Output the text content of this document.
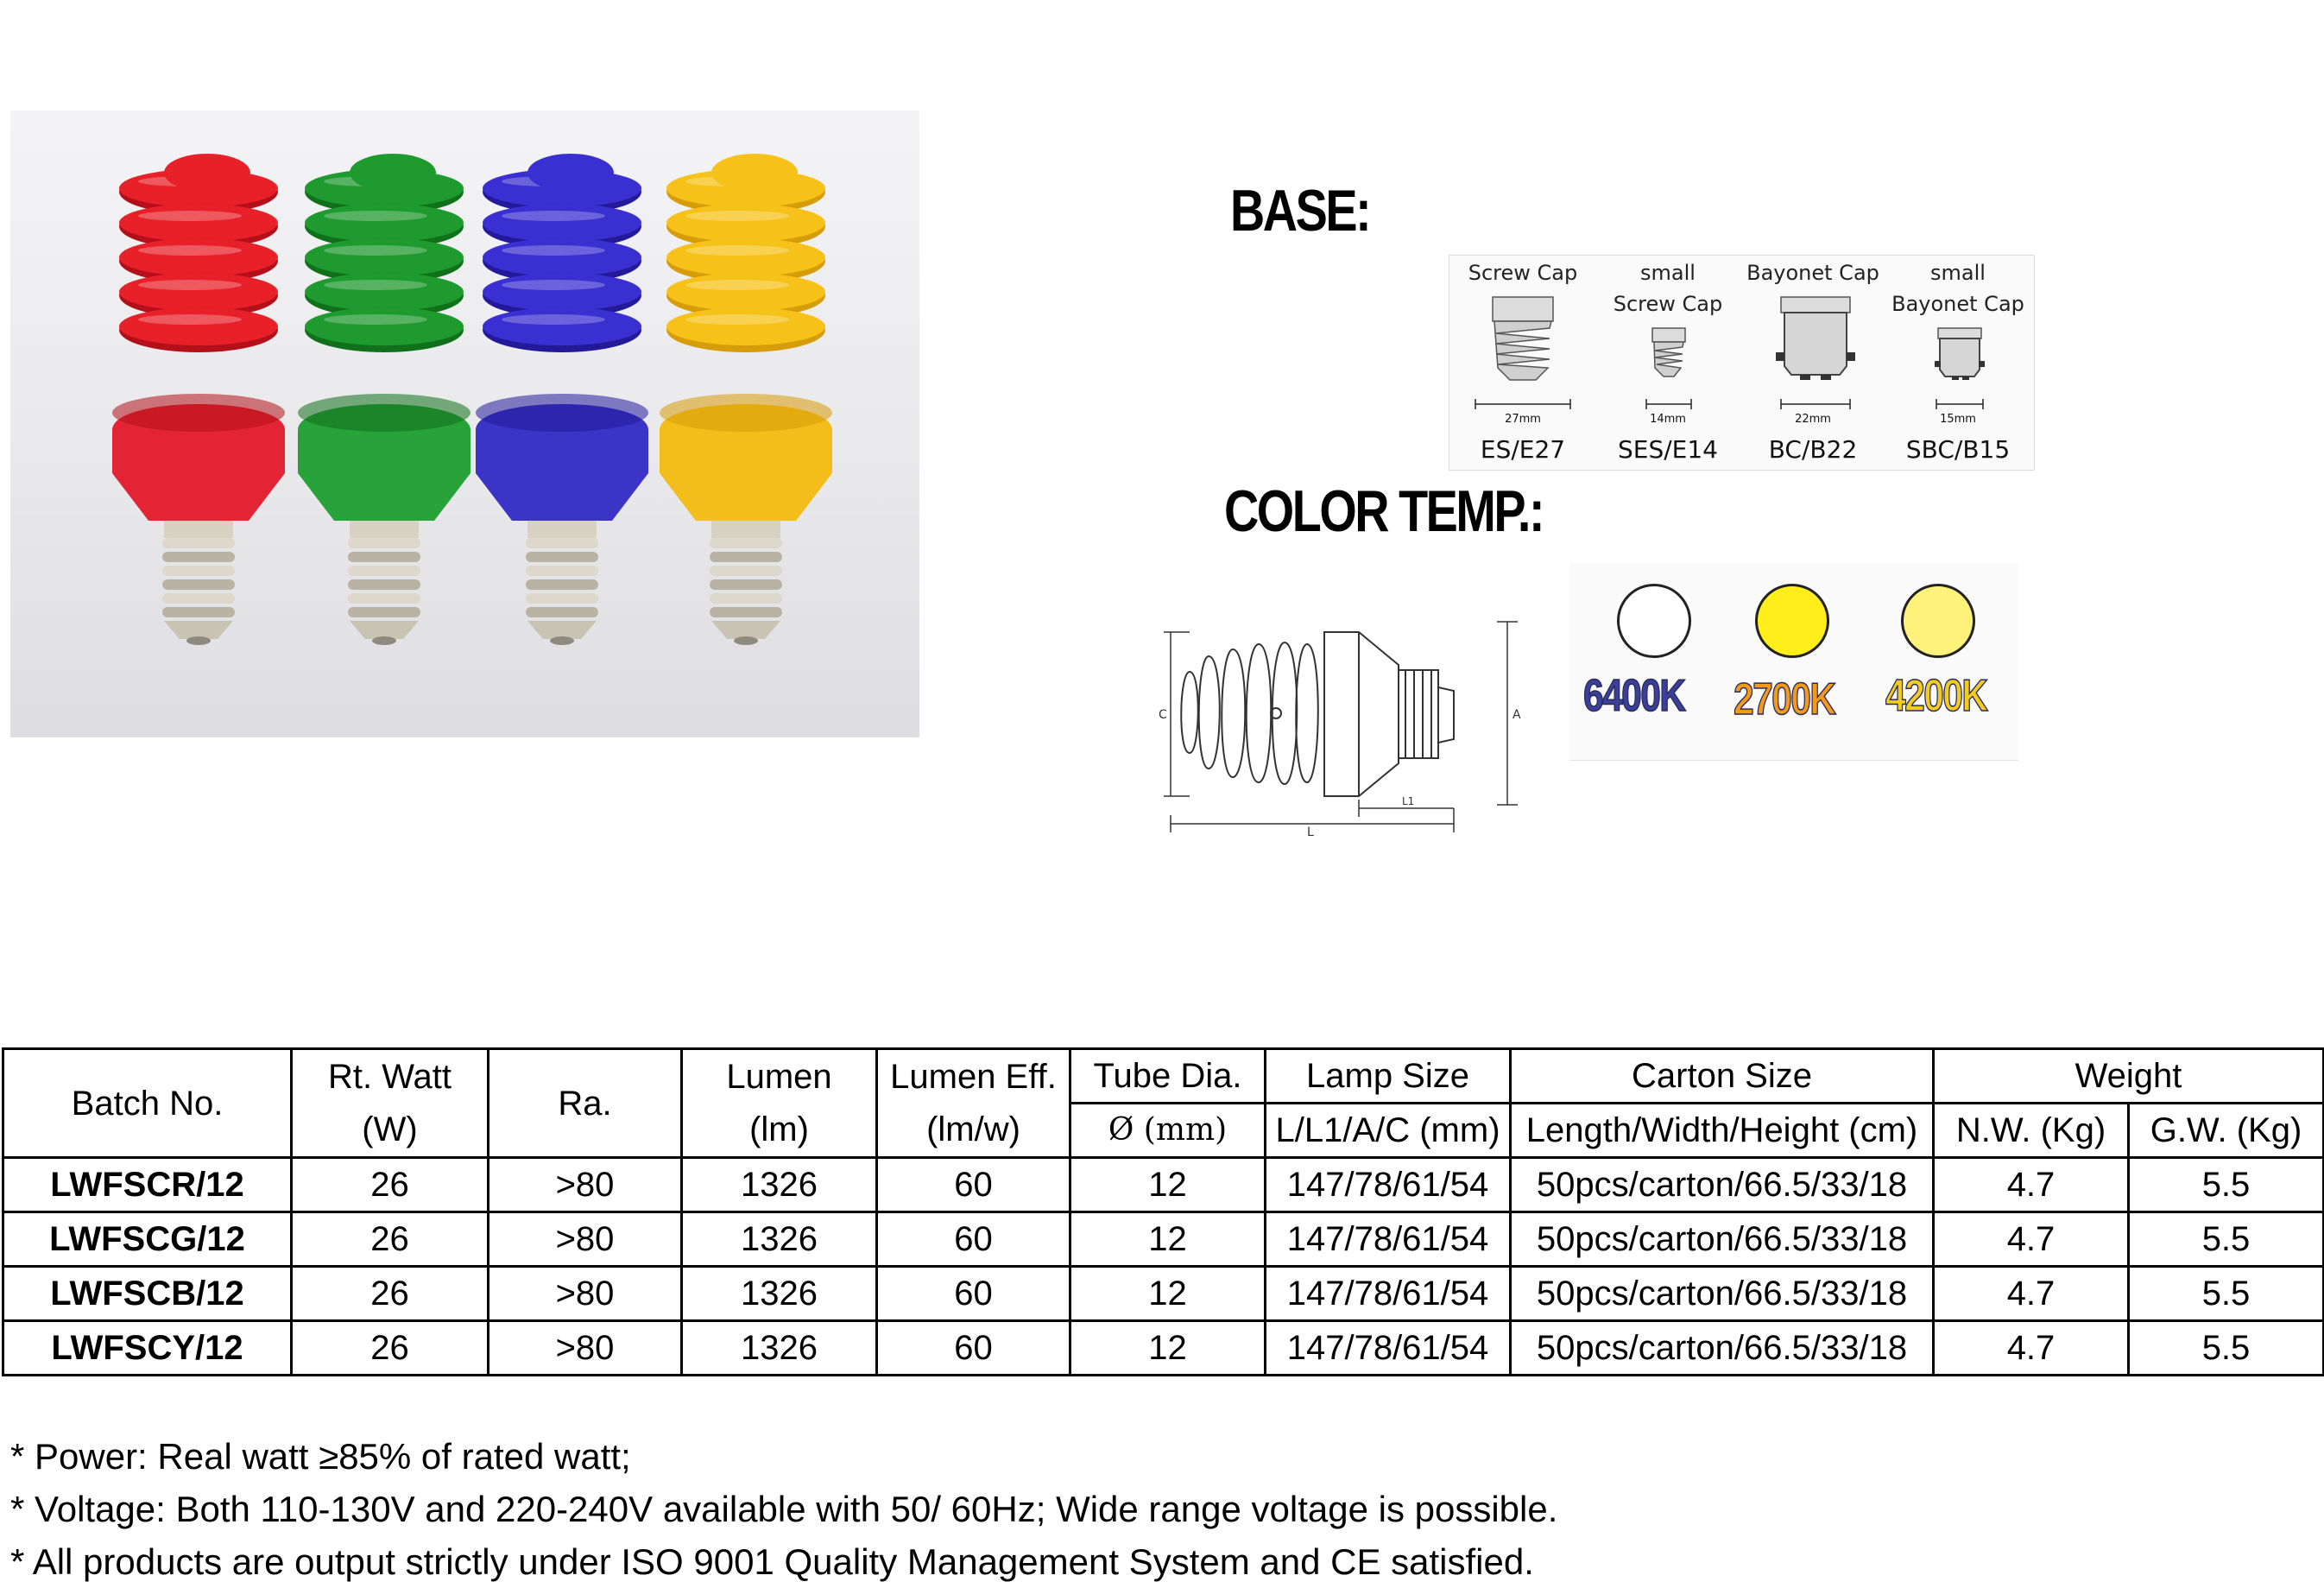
BASE:
Screw Cap
27mm
ES/E27
small
Screw Cap
14mm
SES/E14
Bayonet Cap
22mm
BC/B22
small
Bayonet Cap
15mm
SBC/B15
COLOR TEMP.:
C	A
L
L1
6400K 2700K 4200K
Batch No.	Rt. Watt	Ra.	Lumen	Lumen Eff.	Tube Dia.	Lamp Size	Carton Size	Weight	
	(W)		(lm)	(lm/w)	Ø (mm)	L/L1/A/C (mm)	Length/Width/Height (cm)	N.W. (Kg)	G.W. (Kg)
LWFSCR/12	26	>80	1326	60	12	147/78/61/54	50pcs/carton/66.5/33/18	4.7	5.5
LWFSCG/12	26	>80	1326	60	12	147/78/61/54	50pcs/carton/66.5/33/18	4.7	5.5
LWFSCB/12	26	>80	1326	60	12	147/78/61/54	50pcs/carton/66.5/33/18	4.7	5.5
LWFSCY/12	26	>80	1326	60	12	147/78/61/54	50pcs/carton/66.5/33/18	4.7	5.5
* Power: Real watt ≥85% of rated watt;
* Voltage: Both 110-130V and 220-240V available with 50/ 60Hz; Wide range voltage is possible.
* All products are output strictly under ISO 9001 Quality Management System and CE satisfied.
